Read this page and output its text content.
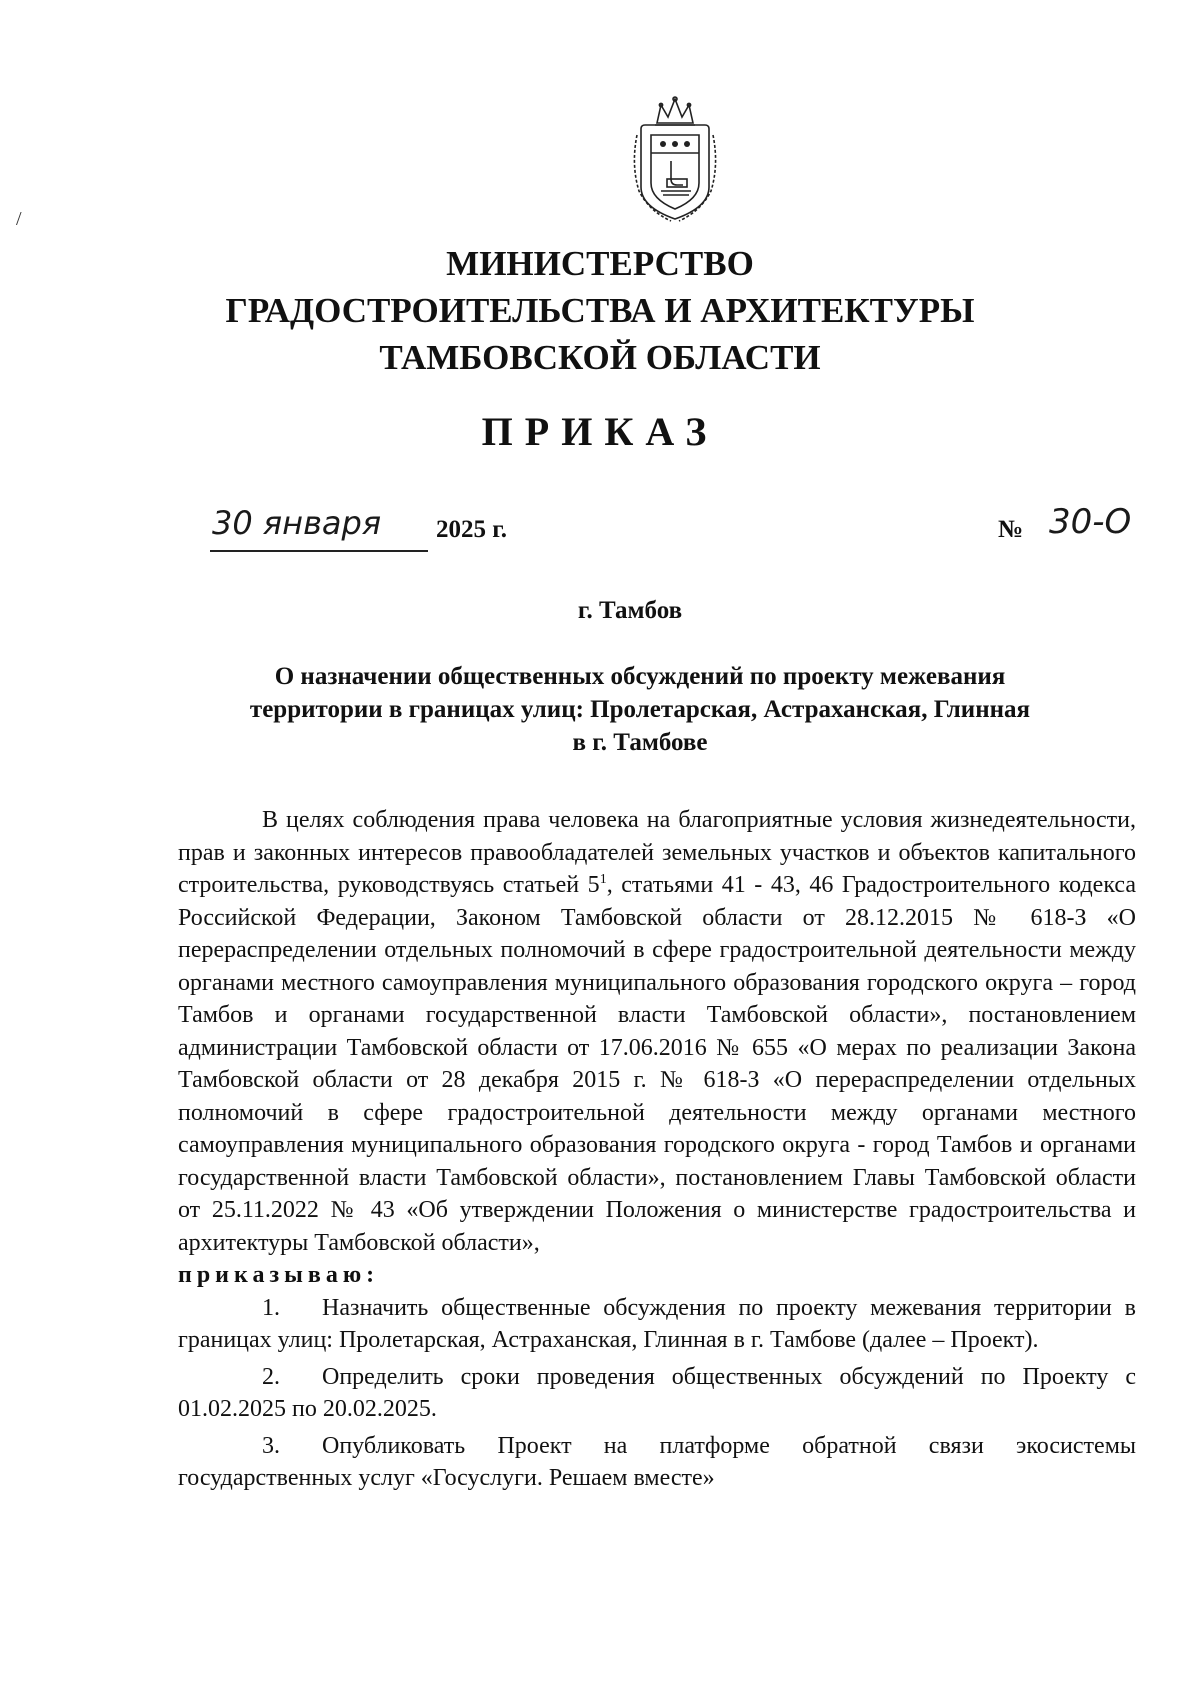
/
МИНИСТЕРСТВО
ГРАДОСТРОИТЕЛЬСТВА И АРХИТЕКТУРЫ
ТАМБОВСКОЙ ОБЛАСТИ
ПРИКАЗ
30 января	2025 г.	№ 30-О
г. Тамбов
О назначении общественных обсуждений по проекту межевания
территории в границах улиц: Пролетарская, Астраханская, Глинная
в г. Тамбове

В целях соблюдения права человека на благоприятные условия жизнедеятельности, прав и законных интересов правообладателей земельных участков и объектов капитального строительства, руководствуясь статьей $5^1$, статьями 41 - 43, 46 Градостроительного кодекса Российской Федерации, Законом Тамбовской области от 28.12.2015 № 618-З «О перераспределении отдельных полномочий в сфере градостроительной деятельности между органами местного самоуправления муниципального образования городского округа – город Тамбов и органами государственной власти Тамбовской области», постановлением администрации Тамбовской области от 17.06.2016 № 655 «О мерах по реализации Закона Тамбовской области от 28 декабря 2015 г. № 618-З «О перераспределении отдельных полномочий в сфере градостроительной деятельности между органами местного самоуправления муниципального образования городского округа - город Тамбов и органами государственной власти Тамбовской области», постановлением Главы Тамбовской области от 25.11.2022 № 43 «Об утверждении Положения о министерстве градостроительства и архитектуры Тамбовской области»,

приказываю:

1. Назначить общественные обсуждения по проекту межевания территории в границах улиц: Пролетарская, Астраханская, Глинная в г. Тамбове (далее – Проект).

2. Определить сроки проведения общественных обсуждений по Проекту с 01.02.2025 по 20.02.2025.

3. Опубликовать Проект на платформе обратной связи экосистемы государственных услуг «Госуслуги. Решаем вместе»
